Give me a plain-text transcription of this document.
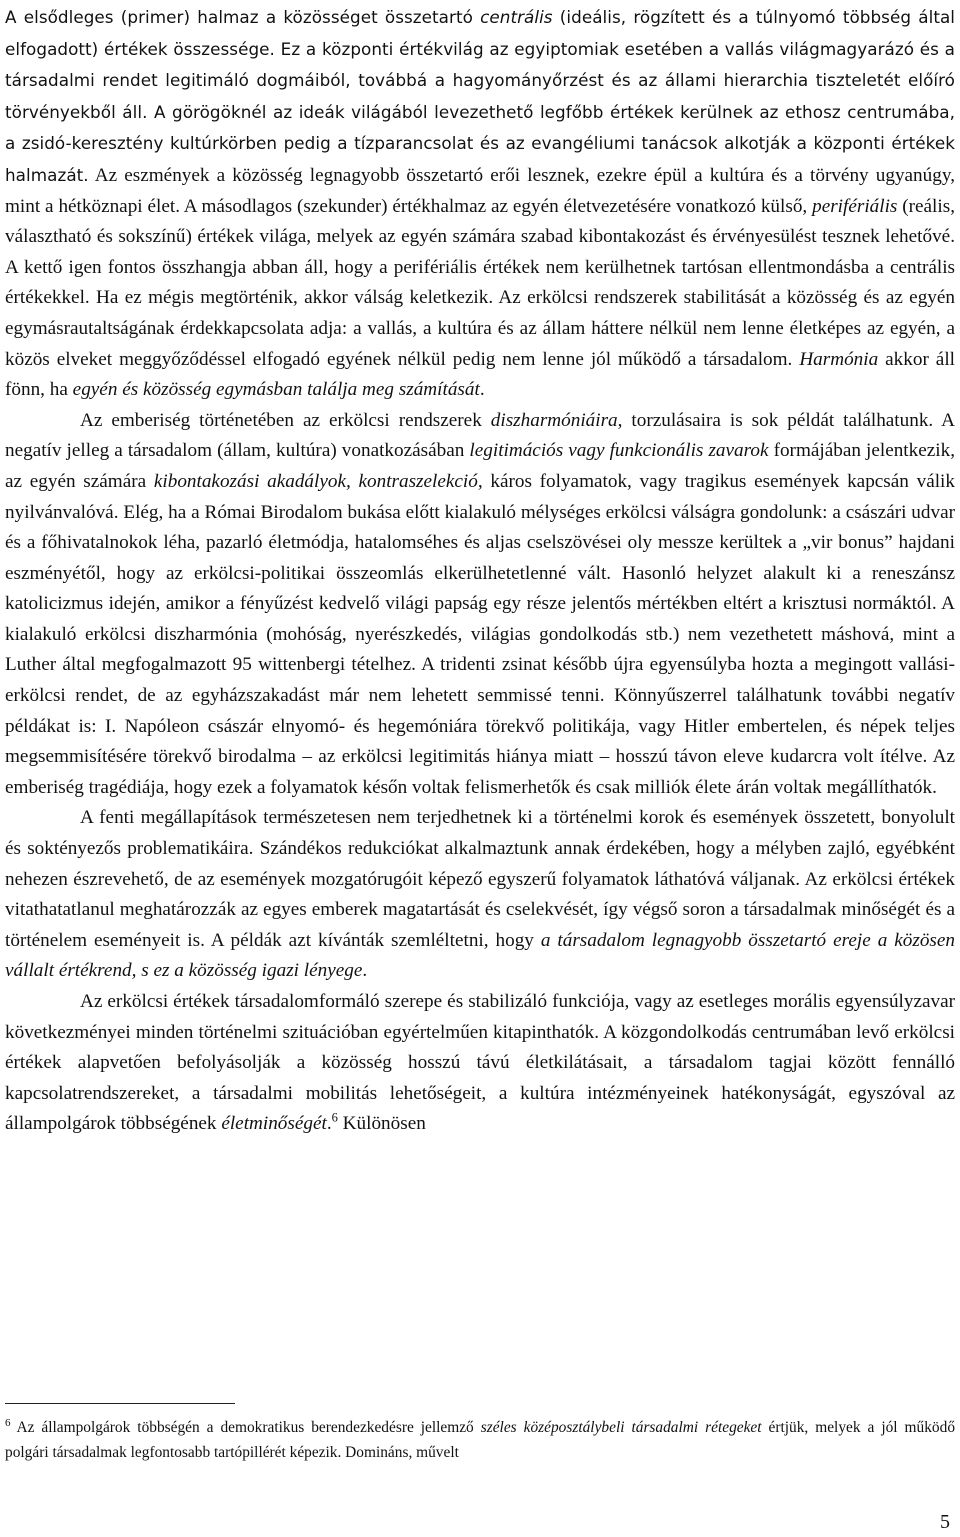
A elsődleges (primer) halmaz a közösséget összetartó centrális (ideális, rögzített és a túlnyomó többség által elfogadott) értékek összessége. Ez a központi értékvilág az egyiptomiak esetében a vallás világmagyarázó és a társadalmi rendet legitimáló dogmáiból, továbbá a hagyományőrzést és az állami hierarchia tiszteletét előíró törvényekből áll. A görögöknél az ideák világából levezethető legfőbb értékek kerülnek az ethosz centrumába, a zsidó-keresztény kultúrkörben pedig a tízparancsolat és az evangéliumi tanácsok alkotják a központi értékek halmazát. Az eszmények a közösség legnagyobb összetartó erői lesznek, ezekre épül a kultúra és a törvény ugyanúgy, mint a hétköznapi élet. A másodlagos (szekunder) értékhalmaz az egyén életvezetésére vonatkozó külső, perifériális (reális, választható és sokszínű) értékek világa, melyek az egyén számára szabad kibontakozást és érvényesülést tesznek lehetővé. A kettő igen fontos összhangja abban áll, hogy a perifériális értékek nem kerülhetnek tartósan ellentmondásba a centrális értékekkel. Ha ez mégis megtörténik, akkor válság keletkezik. Az erkölcsi rendszerek stabilitását a közösség és az egyén egymásrautaltságának érdekkapcsolata adja: a vallás, a kultúra és az állam háttere nélkül nem lenne életképes az egyén, a közös elveket meggyőződéssel elfogadó egyének nélkül pedig nem lenne jól működő a társadalom. Harmónia akkor áll fönn, ha egyén és közösség egymásban találja meg számítását.

Az emberiség történetében az erkölcsi rendszerek diszharmóniáira, torzulásaira is sok példát találhatunk. A negatív jelleg a társadalom (állam, kultúra) vonatkozásában legitimációs vagy funkcionális zavarok formájában jelentkezik, az egyén számára kibontakozási akadályok, kontraszelekció, káros folyamatok, vagy tragikus események kapcsán válik nyilvánvalóvá. Elég, ha a Római Birodalom bukása előtt kialakuló mélységes erkölcsi válságra gondolunk: a császári udvar és a főhivatalnokok léha, pazarló életmódja, hatalomséhes és aljas cselszövései oly messze kerültek a „vir bonus” hajdani eszményétől, hogy az erkölcsi-politikai összeomlás elkerülhetetlenné vált. Hasonló helyzet alakult ki a reneszánsz katolicizmus idején, amikor a fényűzést kedvelő világi papság egy része jelentős mértékben eltért a krisztusi normáktól. A kialakuló erkölcsi diszharmónia (mohóság, nyerészkedés, világias gondolkodás stb.) nem vezethetett máshová, mint a Luther által megfogalmazott 95 wittenbergi tételhez. A tridenti zsinat később újra egyensúlyba hozta a megingott vallási-erkölcsi rendet, de az egyházszakadást már nem lehetett semmissé tenni. Könnyűszerrel találhatunk további negatív példákat is: I. Napóleon császár elnyomó- és hegemóniára törekvő politikája, vagy Hitler embertelen, és népek teljes megsemmisítésére törekvő birodalma – az erkölcsi legitimitás hiánya miatt – hosszú távon eleve kudarcra volt ítélve. Az emberiség tragédiája, hogy ezek a folyamatok későn voltak felismerhetők és csak milliók élete árán voltak megállíthatók.

A fenti megállapítások természetesen nem terjedhetnek ki a történelmi korok és események összetett, bonyolult és soktényezős problematikáira. Szándékos redukciókat alkalmaztunk annak érdekében, hogy a mélyben zajló, egyébként nehezen észrevehető, de az események mozgatórugóit képező egyszerű folyamatok láthatóvá váljanak. Az erkölcsi értékek vitathatatlanul meghatározzák az egyes emberek magatartását és cselekvését, így végső soron a társadalmak minőségét és a történelem eseményeit is. A példák azt kívánták szemléltetni, hogy a társadalom legnagyobb összetartó ereje a közösen vállalt értékrend, s ez a közösség igazi lényege.

Az erkölcsi értékek társadalomformáló szerepe és stabilizáló funkciója, vagy az esetleges morális egyensúlyzavar következményei minden történelmi szituációban egyértelműen kitapinthatók. A közgondolkodás centrumában levő erkölcsi értékek alapvetően befolyásolják a közösség hosszú távú életkilátásait, a társadalom tagjai között fennálló kapcsolatrendszereket, a társadalmi mobilitás lehetőségeit, a kultúra intézményeinek hatékonyságát, egyszóval az állampolgárok többségének életminőségét.$^6$ Különösen

$^6$ Az állampolgárok többségén a demokratikus berendezkedésre jellemző széles középosztálybeli társadalmi rétegeket értjük, melyek a jól működő polgári társadalmak legfontosabb tartópillérét képezik. Domináns, művelt

5
